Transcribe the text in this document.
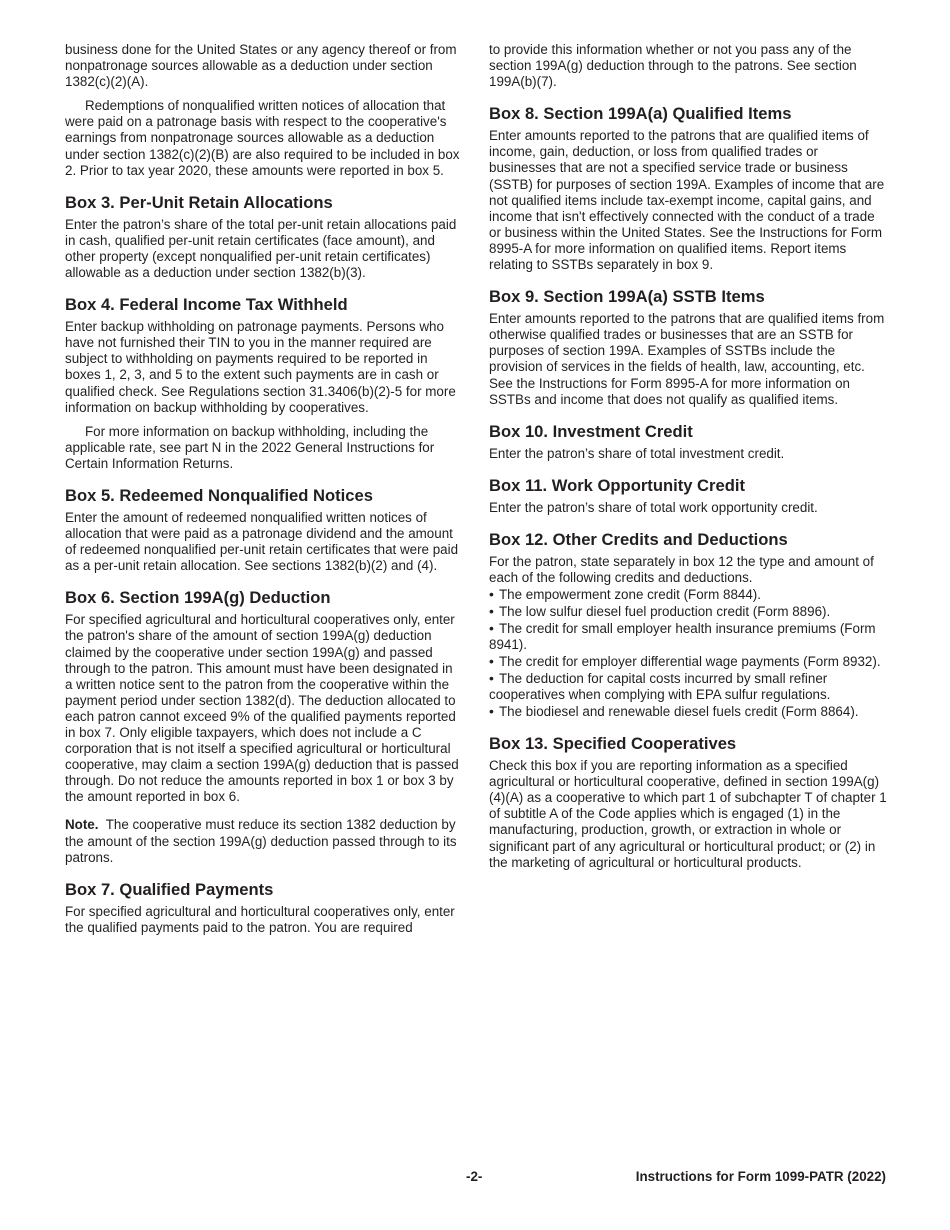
business done for the United States or any agency thereof or from nonpatronage sources allowable as a deduction under section 1382(c)(2)(A).

Redemptions of nonqualified written notices of allocation that were paid on a patronage basis with respect to the cooperative's earnings from nonpatronage sources allowable as a deduction under section 1382(c)(2)(B) are also required to be included in box 2. Prior to tax year 2020, these amounts were reported in box 5.

Box 3. Per-Unit Retain Allocations

Enter the patron’s share of the total per-unit retain allocations paid in cash, qualified per-unit retain certificates (face amount), and other property (except nonqualified per-unit retain certificates) allowable as a deduction under section 1382(b)(3).

Box 4. Federal Income Tax Withheld

Enter backup withholding on patronage payments. Persons who have not furnished their TIN to you in the manner required are subject to withholding on payments required to be reported in boxes 1, 2, 3, and 5 to the extent such payments are in cash or qualified check. See Regulations section 31.3406(b)(2)-5 for more information on backup withholding by cooperatives.

For more information on backup withholding, including the applicable rate, see part N in the 2022 General Instructions for Certain Information Returns.

Box 5. Redeemed Nonqualified Notices

Enter the amount of redeemed nonqualified written notices of allocation that were paid as a patronage dividend and the amount of redeemed nonqualified per-unit retain certificates that were paid as a per-unit retain allocation. See sections 1382(b)(2) and (4).

Box 6. Section 199A(g) Deduction

For specified agricultural and horticultural cooperatives only, enter the patron's share of the amount of section 199A(g) deduction claimed by the cooperative under section 199A(g) and passed through to the patron. This amount must have been designated in a written notice sent to the patron from the cooperative within the payment period under section 1382(d). The deduction allocated to each patron cannot exceed 9% of the qualified payments reported in box 7. Only eligible taxpayers, which does not include a C corporation that is not itself a specified agricultural or horticultural cooperative, may claim a section 199A(g) deduction that is passed through. Do not reduce the amounts reported in box 1 or box 3 by the amount reported in box 6.

Note. The cooperative must reduce its section 1382 deduction by the amount of the section 199A(g) deduction passed through to its patrons.

Box 7. Qualified Payments

For specified agricultural and horticultural cooperatives only, enter the qualified payments paid to the patron. You are required

to provide this information whether or not you pass any of the section 199A(g) deduction through to the patrons. See section 199A(b)(7).

Box 8. Section 199A(a) Qualified Items

Enter amounts reported to the patrons that are qualified items of income, gain, deduction, or loss from qualified trades or businesses that are not a specified service trade or business (SSTB) for purposes of section 199A. Examples of income that are not qualified items include tax-exempt income, capital gains, and income that isn't effectively connected with the conduct of a trade or business within the United States. See the Instructions for Form 8995-A for more information on qualified items. Report items relating to SSTBs separately in box 9.

Box 9. Section 199A(a) SSTB Items

Enter amounts reported to the patrons that are qualified items from otherwise qualified trades or businesses that are an SSTB for purposes of section 199A. Examples of SSTBs include the provision of services in the fields of health, law, accounting, etc. See the Instructions for Form 8995-A for more information on SSTBs and income that does not qualify as qualified items.

Box 10. Investment Credit

Enter the patron’s share of total investment credit.

Box 11. Work Opportunity Credit

Enter the patron’s share of total work opportunity credit.

Box 12. Other Credits and Deductions

For the patron, state separately in box 12 the type and amount of each of the following credits and deductions.

• The empowerment zone credit (Form 8844).
• The low sulfur diesel fuel production credit (Form 8896).
• The credit for small employer health insurance premiums (Form 8941).
• The credit for employer differential wage payments (Form 8932).
• The deduction for capital costs incurred by small refiner cooperatives when complying with EPA sulfur regulations.
• The biodiesel and renewable diesel fuels credit (Form 8864).
Box 13. Specified Cooperatives

Check this box if you are reporting information as a specified agricultural or horticultural cooperative, defined in section 199A(g)(4)(A) as a cooperative to which part 1 of subchapter T of chapter 1 of subtitle A of the Code applies which is engaged (1) in the manufacturing, production, growth, or extraction in whole or significant part of any agricultural or horticultural product; or (2) in the marketing of agricultural or horticultural products.

-2-	Instructions for Form 1099-PATR (2022)
